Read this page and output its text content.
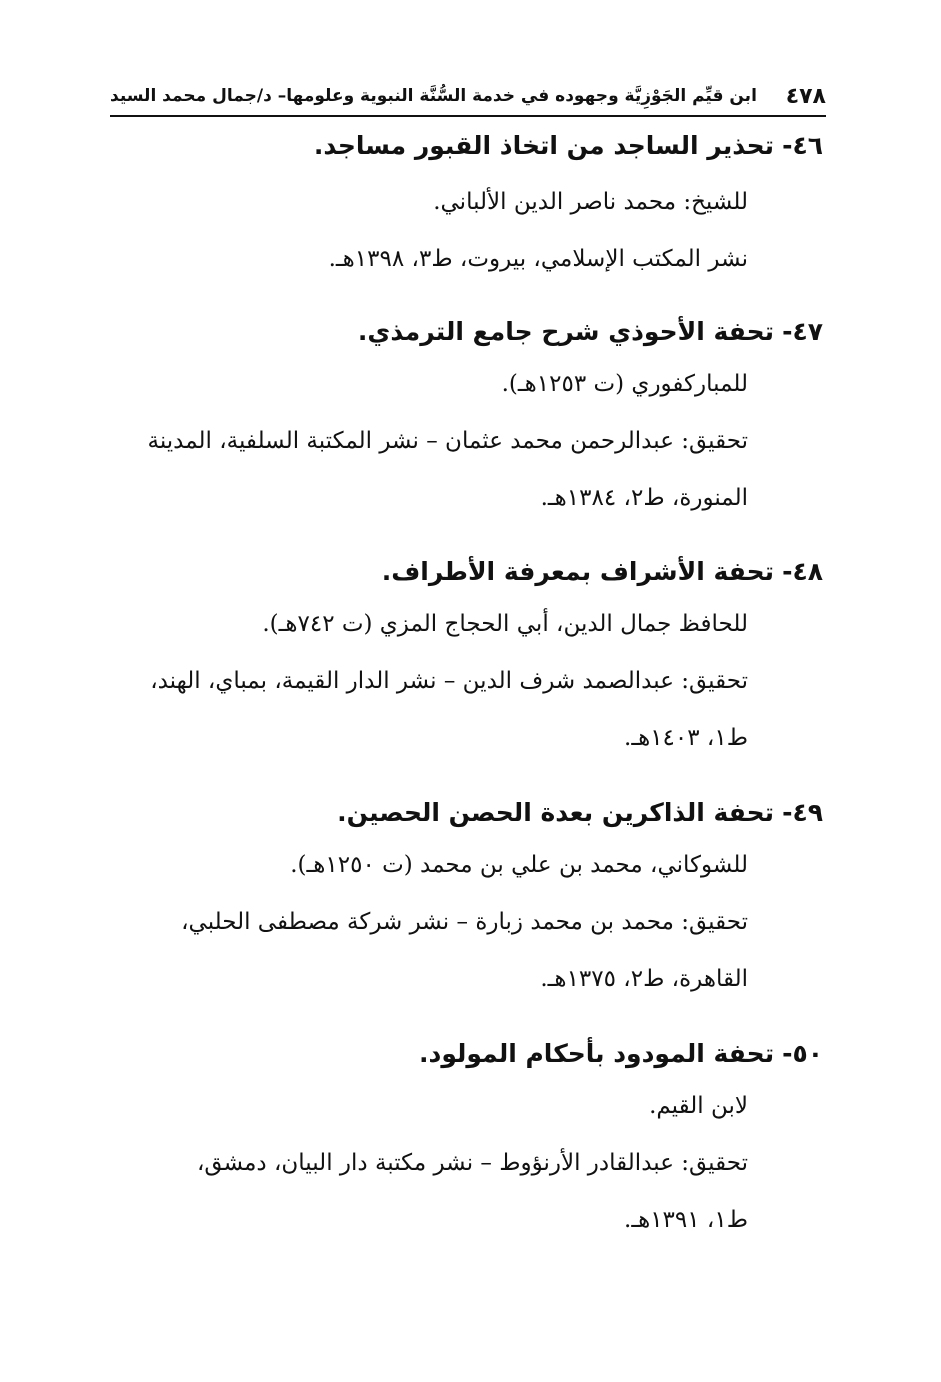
٤٧٨
ابن قيِّم الجَوْزِيَّة وجهوده في خدمة السُّنَّة النبوية وعلومها– د/جمال محمد السيد
٤٦-تحذير الساجد من اتخاذ القبور مساجد.
للشيخ: محمد ناصر الدين الألباني.
نشر المكتب الإسلامي، بيروت، ط٣، ١٣٩٨هـ.
٤٧-تحفة الأحوذي شرح جامع الترمذي.
للمباركفوري (ت ١٢٥٣هـ).
تحقيق: عبدالرحمن محمد عثمان – نشر المكتبة السلفية، المدينة
المنورة، ط٢، ١٣٨٤هـ.
٤٨-تحفة الأشراف بمعرفة الأطراف.
للحافظ جمال الدين، أبي الحجاج المزي (ت ٧٤٢هـ).
تحقيق: عبدالصمد شرف الدين – نشر الدار القيمة، بمباي، الهند،
ط١، ١٤٠٣هـ.
٤٩-تحفة الذاكرين بعدة الحصن الحصين.
للشوكاني، محمد بن علي بن محمد (ت ١٢٥٠هـ).
تحقيق: محمد بن محمد زبارة – نشر شركة مصطفى الحلبي،
القاهرة، ط٢، ١٣٧٥هـ.
٥٠-تحفة المودود بأحكام المولود.
لابن القيم.
تحقيق: عبدالقادر الأرنؤوط – نشر مكتبة دار البيان، دمشق،
ط١، ١٣٩١هـ.
